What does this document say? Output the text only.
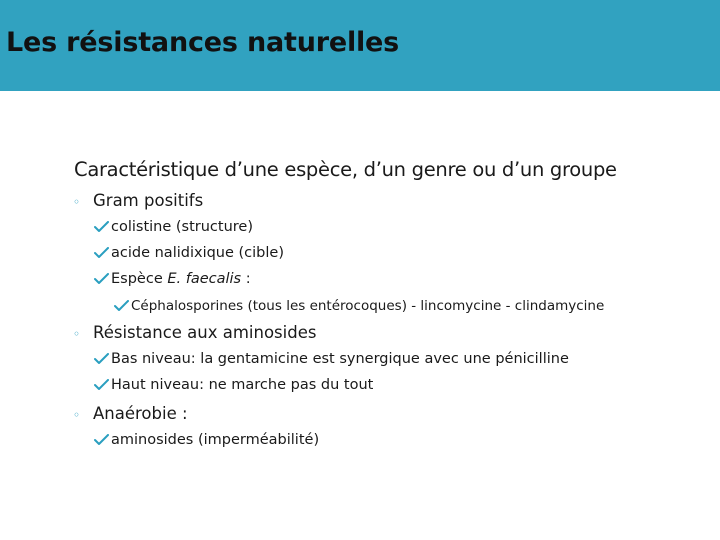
Les résistances naturelles
Caractéristique d’une espèce, d’un genre ou d’un groupe
◦ Gram positifs
colistine (structure)
acide nalidixique (cible)
Espèce E. faecalis :
Céphalosporines (tous les entérocoques) - lincomycine - clindamycine
◦ Résistance aux aminosides
Bas niveau: la gentamicine est synergique avec une pénicilline
Haut niveau: ne marche pas du tout
◦ Anaérobie :
aminosides (imperméabilité)
